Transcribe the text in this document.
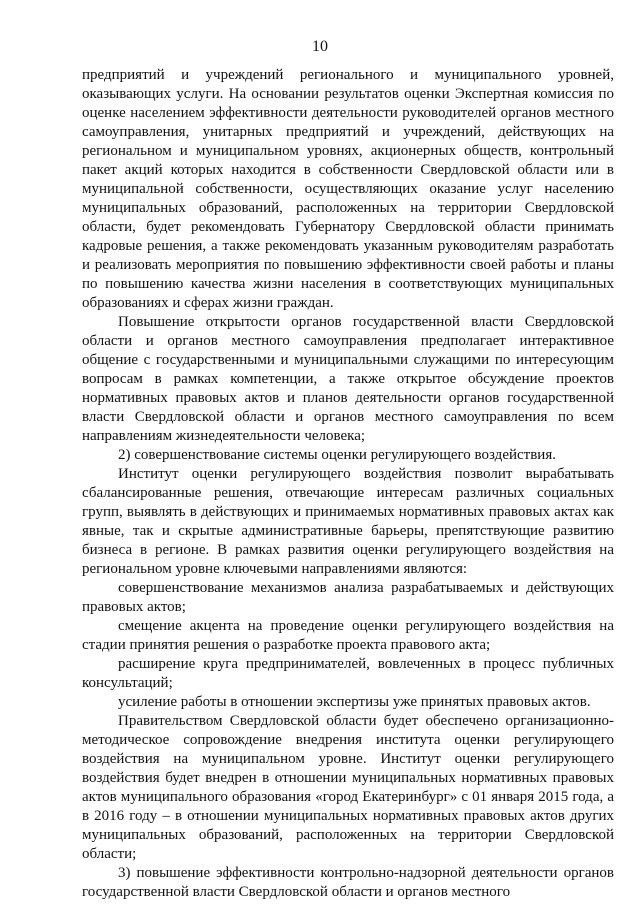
10

предприятий и учреждений регионального и муниципального уровней, оказывающих услуги. На основании результатов оценки Экспертная комиссия по оценке населением эффективности деятельности руководителей органов местного самоуправления, унитарных предприятий и учреждений, действующих на региональном и муниципальном уровнях, акционерных обществ, контрольный пакет акций которых находится в собственности Свердловской области или в муниципальной собственности, осуществляющих оказание услуг населению муниципальных образований, расположенных на территории Свердловской области, будет рекомендовать Губернатору Свердловской области принимать кадровые решения, а также рекомендовать указанным руководителям разработать и реализовать мероприятия по повышению эффективности своей работы и планы по повышению качества жизни населения в соответствующих муниципальных образованиях и сферах жизни граждан.

Повышение открытости органов государственной власти Свердловской области и органов местного самоуправления предполагает интерактивное общение с государственными и муниципальными служащими по интересующим вопросам в рамках компетенции, а также открытое обсуждение проектов нормативных правовых актов и планов деятельности органов государственной власти Свердловской области и органов местного самоуправления по всем направлениям жизнедеятельности человека;

2) совершенствование системы оценки регулирующего воздействия.

Институт оценки регулирующего воздействия позволит вырабатывать сбалансированные решения, отвечающие интересам различных социальных групп, выявлять в действующих и принимаемых нормативных правовых актах как явные, так и скрытые административные барьеры, препятствующие развитию бизнеса в регионе. В рамках развития оценки регулирующего воздействия на региональном уровне ключевыми направлениями являются:

совершенствование механизмов анализа разрабатываемых и действующих правовых актов;

смещение акцента на проведение оценки регулирующего воздействия на стадии принятия решения о разработке проекта правового акта;

расширение круга предпринимателей, вовлеченных в процесс публичных консультаций;

усиление работы в отношении экспертизы уже принятых правовых актов.

Правительством Свердловской области будет обеспечено организационно-методическое сопровождение внедрения института оценки регулирующего воздействия на муниципальном уровне. Институт оценки регулирующего воздействия будет внедрен в отношении муниципальных нормативных правовых актов муниципального образования «город Екатеринбург» с 01 января 2015 года, а в 2016 году – в отношении муниципальных нормативных правовых актов других муниципальных образований, расположенных на территории Свердловской области;

3) повышение эффективности контрольно-надзорной деятельности органов государственной власти Свердловской области и органов местного
